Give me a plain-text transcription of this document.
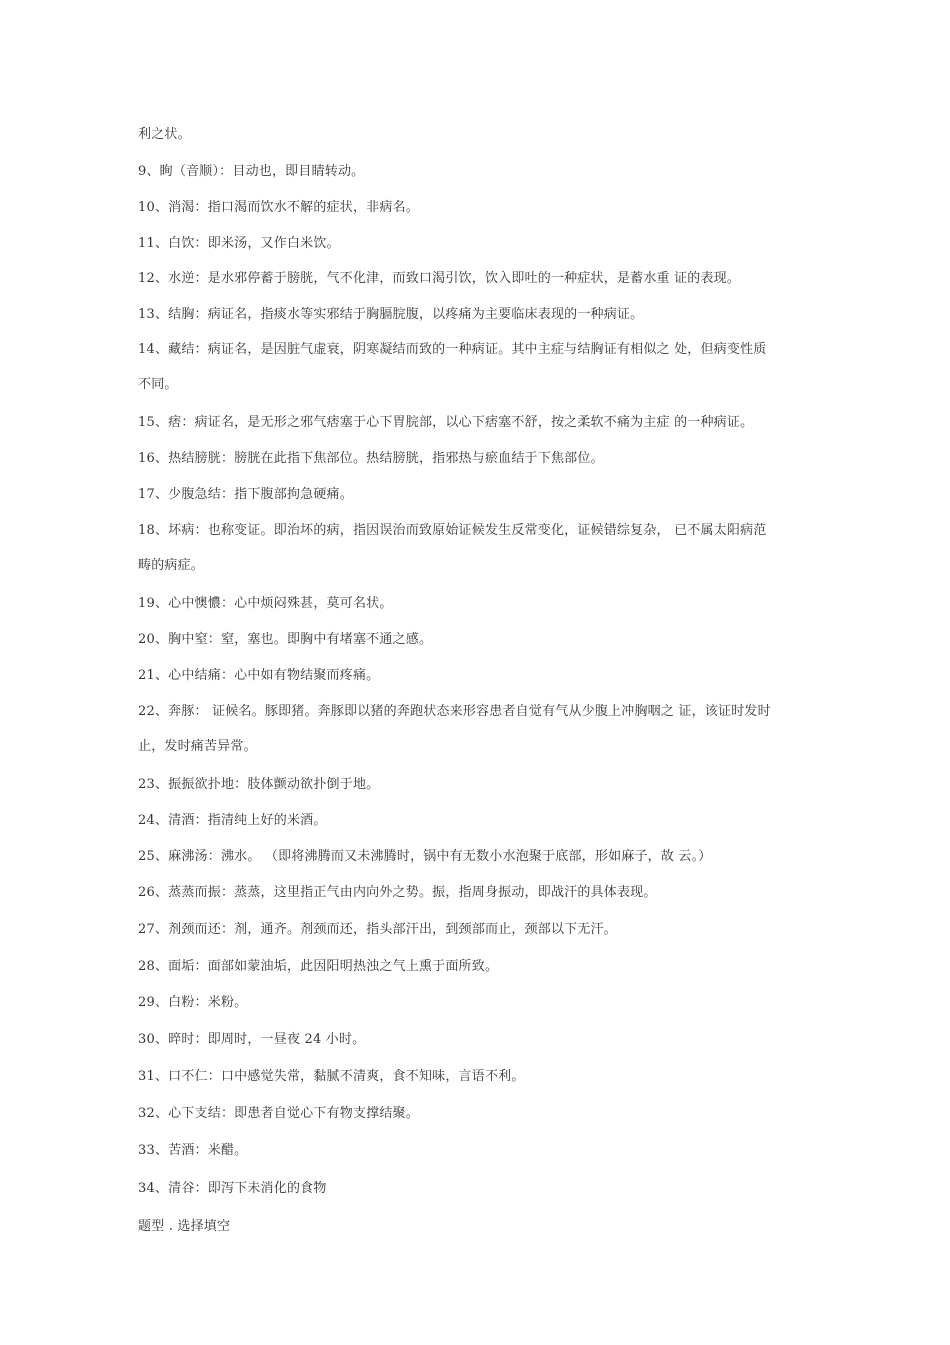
利之状。
9、眴（音顺）：目动也，即目睛转动。
10、消渴：指口渴而饮水不解的症状，非病名。
11、白饮：即米汤，又作白米饮。
12、水逆：是水邪停蓄于膀胱，气不化津，而致口渴引饮，饮入即吐的一种症状，是蓄水重 证的表现。
13、结胸：病证名，指痰水等实邪结于胸膈脘腹，以疼痛为主要临床表现的一种病证。
14、藏结：病证名，是因脏气虚衰，阴寒凝结而致的一种病证。其中主症与结胸证有相似之 处，但病变性质
不同。
15、痞：病证名，是无形之邪气痞塞于心下胃脘部，以心下痞塞不舒，按之柔软不痛为主症 的一种病证。
16、热结膀胱：膀胱在此指下焦部位。热结膀胱，指邪热与瘀血结于下焦部位。
17、少腹急结：指下腹部拘急硬痛。
18、坏病：也称变证。即治坏的病，指因误治而致原始证候发生反常变化，证候错综复杂， 已不属太阳病范
畴的病症。
19、心中懊憹：心中烦闷殊甚，莫可名状。
20、胸中窒：窒，塞也。即胸中有堵塞不通之感。
21、心中结痛：心中如有物结聚而疼痛。
22、奔豚： 证候名。豚即猪。奔豚即以猪的奔跑状态来形容患者自觉有气从少腹上冲胸咽之 证，该证时发时
止，发时痛苦异常。
23、振振欲扑地：肢体颤动欲扑倒于地。
24、清酒：指清纯上好的米酒。
25、麻沸汤：沸水。 （即将沸腾而又未沸腾时，锅中有无数小水泡聚于底部，形如麻子，故 云。）
26、蒸蒸而振：蒸蒸，这里指正气由内向外之势。振，指周身振动，即战汗的具体表现。
27、剂颈而还：剂，通齐。剂颈而还，指头部汗出，到颈部而止，颈部以下无汗。
28、面垢：面部如蒙油垢，此因阳明热浊之气上熏于面所致。
29、白粉：米粉。
30、晬时：即周时，一昼夜 24 小时。
31、口不仁：口中感觉失常，黏腻不清爽，食不知味，言语不利。
32、心下支结：即患者自觉心下有物支撑结聚。
33、苦酒：米醋。
34、清谷：即泻下未消化的食物
题型 . 选择填空
